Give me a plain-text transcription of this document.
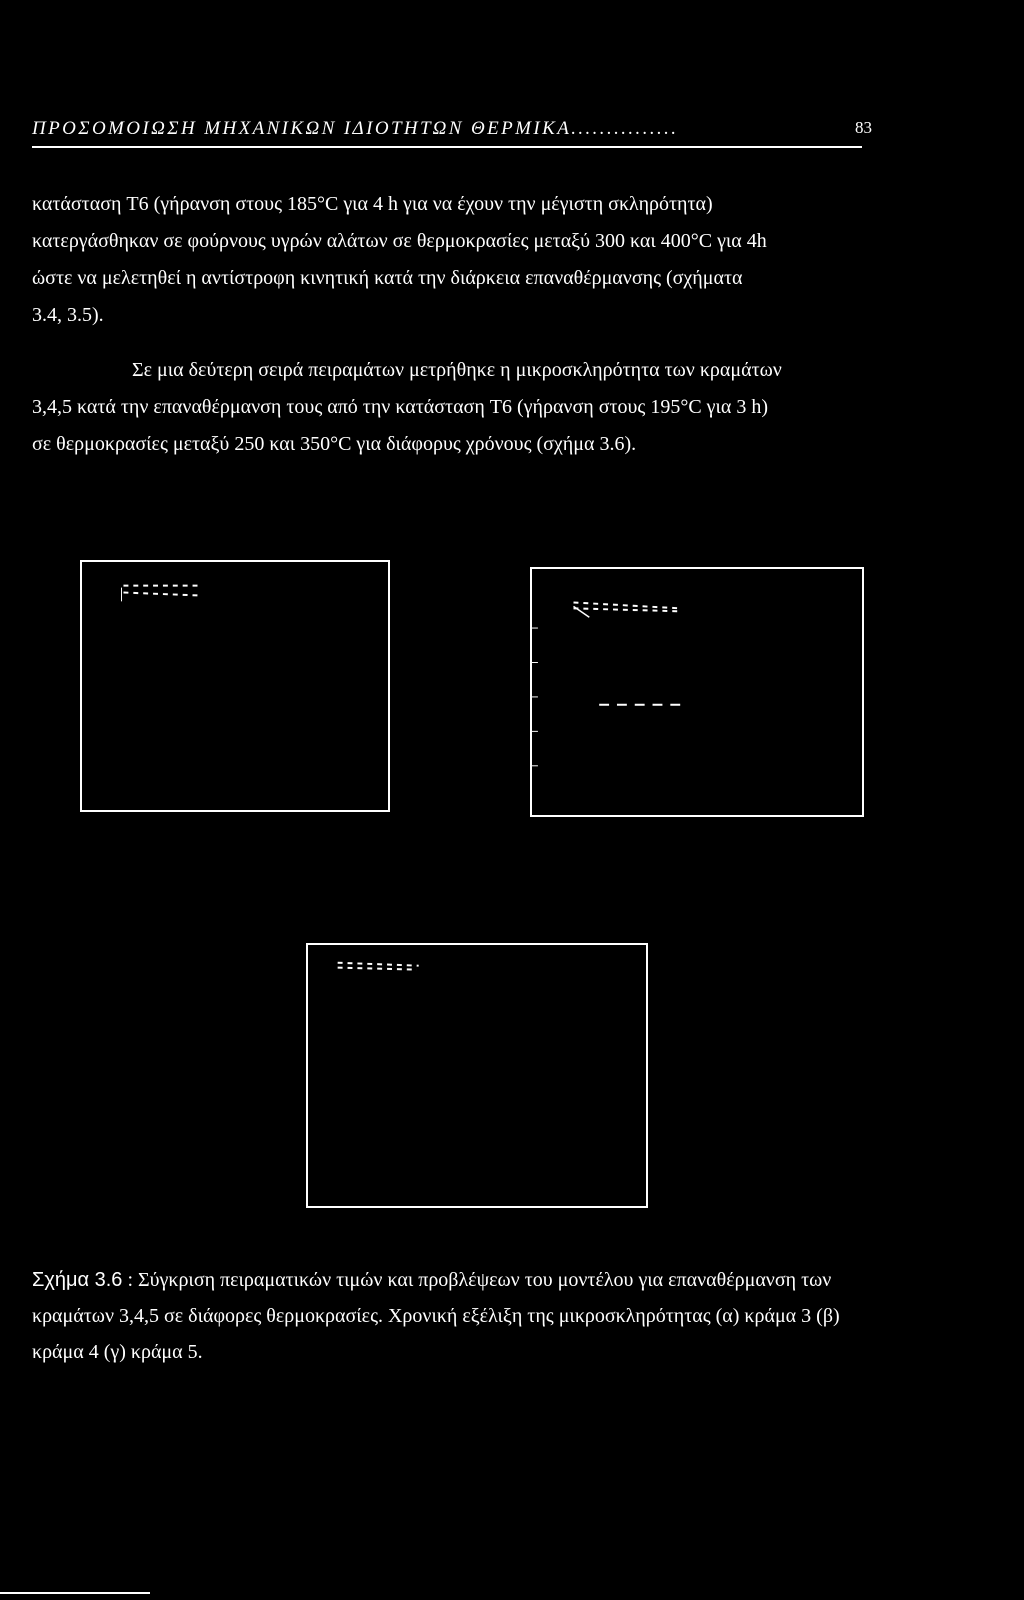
ΠΡΟΣΟΜΟΙΩΣΗ ΜΗΧΑΝΙΚΩΝ ΙΔΙΟΤΗΤΩΝ ΘΕΡΜΙΚΑ...............	83
κατάσταση T6 (γήρανση στους 185°C για 4 h για να έχουν την μέγιστη σκληρότητα)
κατεργάσθηκαν σε φούρνους υγρών αλάτων σε θερμοκρασίες μεταξύ 300 και 400°C για 4h
ώστε να μελετηθεί η αντίστροφη κινητική κατά την διάρκεια επαναθέρμανσης (σχήματα
3.4, 3.5).
Σε μια δεύτερη σειρά πειραμάτων μετρήθηκε η μικροσκληρότητα των κραμάτων
3,4,5 κατά την επαναθέρμανση τους από την κατάσταση T6 (γήρανση στους 195°C για 3 h)
σε θερμοκρασίες μεταξύ 250 και 350°C για διάφορυς χρόνους (σχήμα 3.6).
Σχήμα 3.6 : Σύγκριση πειραματικών τιμών και προβλέψεων του μοντέλου για επαναθέρμανση των
κραμάτων 3,4,5 σε διάφορες θερμοκρασίες. Χρονική εξέλιξη της μικροσκληρότητας (α) κράμα 3 (β)
κράμα 4 (γ) κράμα 5.
